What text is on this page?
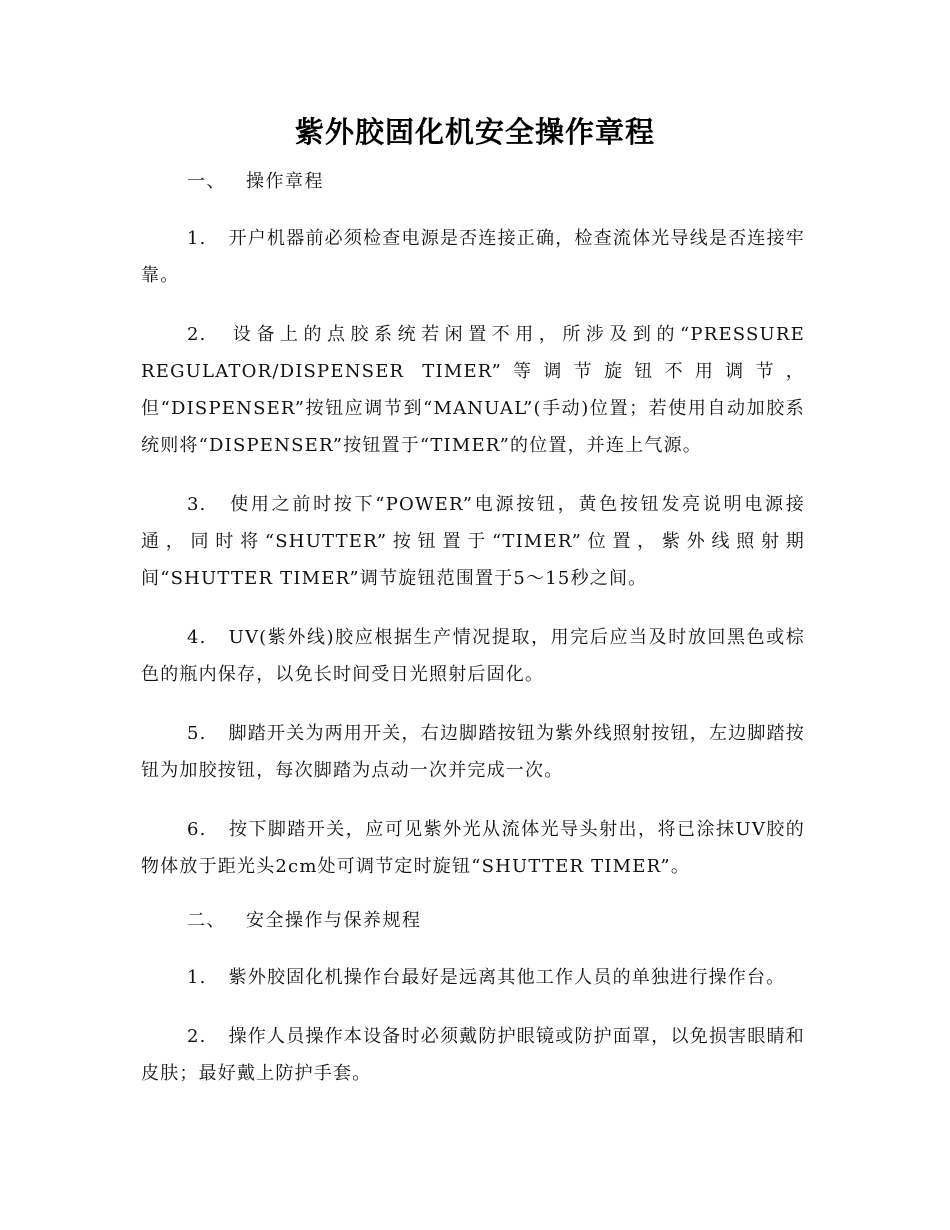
紫外胶固化机安全操作章程
一、 操作章程

1. 开户机器前必须检查电源是否连接正确，检查流体光导线是否连接牢靠。

2. 设备上的点胶系统若闲置不用，所涉及到的“PRESSURE REGULATOR/DISPENSER TIMER”等调节旋钮不用调节，但“DISPENSER”按钮应调节到“MANUAL”(手动)位置；若使用自动加胶系统则将“DISPENSER”按钮置于“TIMER”的位置，并连上气源。

3. 使用之前时按下“POWER”电源按钮，黄色按钮发亮说明电源接通，同时将“SHUTTER”按钮置于“TIMER”位置，紫外线照射期间“SHUTTER TIMER”调节旋钮范围置于5～15秒之间。

4. UV(紫外线)胶应根据生产情况提取，用完后应当及时放回黑色或棕色的瓶内保存，以免长时间受日光照射后固化。

5. 脚踏开关为两用开关，右边脚踏按钮为紫外线照射按钮，左边脚踏按钮为加胶按钮，每次脚踏为点动一次并完成一次。

6. 按下脚踏开关，应可见紫外光从流体光导头射出，将已涂抹UV胶的物体放于距光头2cm处可调节定时旋钮“SHUTTER TIMER”。

二、 安全操作与保养规程

1. 紫外胶固化机操作台最好是远离其他工作人员的单独进行操作台。

2. 操作人员操作本设备时必须戴防护眼镜或防护面罩，以免损害眼睛和皮肤；最好戴上防护手套。
